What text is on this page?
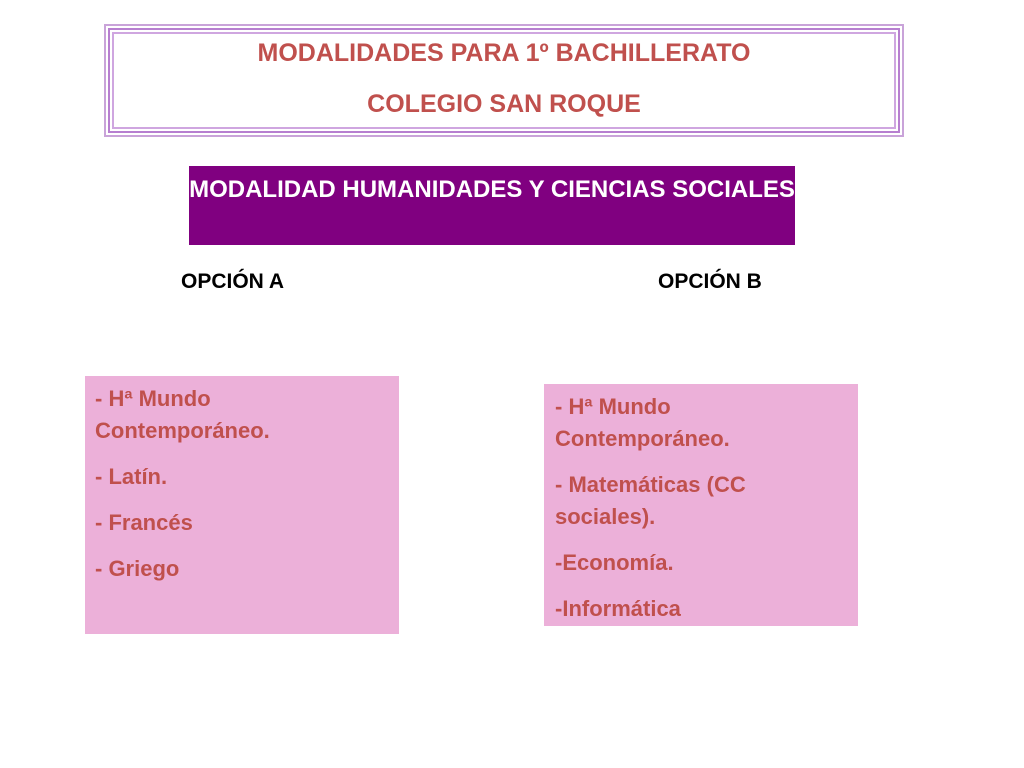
MODALIDADES PARA 1º BACHILLERATO
COLEGIO SAN ROQUE
MODALIDAD HUMANIDADES Y CIENCIAS SOCIALES
OPCIÓN A	OPCIÓN B
- Hª Mundo Contemporáneo.
- Latín.
- Francés
- Griego
- Hª Mundo Contemporáneo.
- Matemáticas (CC sociales).
-Economía.
-Informática
